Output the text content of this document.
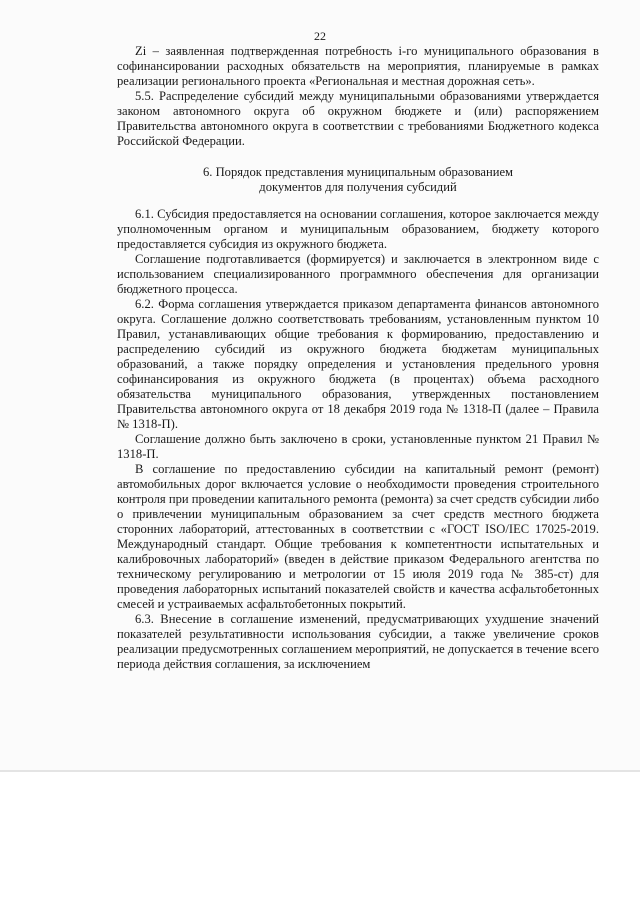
22

Zi – заявленная подтвержденная потребность i-го муниципального образования в софинансировании расходных обязательств на мероприятия, планируемые в рамках реализации регионального проекта «Региональная и местная дорожная сеть».

5.5. Распределение субсидий между муниципальными образованиями утверждается законом автономного округа об окружном бюджете и (или) распоряжением Правительства автономного округа в соответствии с требованиями Бюджетного кодекса Российской Федерации.

6. Порядок представления муниципальным образованием
документов для получения субсидий

6.1. Субсидия предоставляется на основании соглашения, которое заключается между уполномоченным органом и муниципальным образованием, бюджету которого предоставляется субсидия из окружного бюджета.

Соглашение подготавливается (формируется) и заключается в электронном виде с использованием специализированного программного обеспечения для организации бюджетного процесса.

6.2. Форма соглашения утверждается приказом департамента финансов автономного округа. Соглашение должно соответствовать требованиям, установленным пунктом 10 Правил, устанавливающих общие требования к формированию, предоставлению и распределению субсидий из окружного бюджета бюджетам муниципальных образований, а также порядку определения и установления предельного уровня софинансирования из окружного бюджета (в процентах) объема расходного обязательства муниципального образования, утвержденных постановлением Правительства автономного округа от 18 декабря 2019 года № 1318-П (далее – Правила № 1318-П).

Соглашение должно быть заключено в сроки, установленные пунктом 21 Правил № 1318-П.

В соглашение по предоставлению субсидии на капитальный ремонт (ремонт) автомобильных дорог включается условие о необходимости проведения строительного контроля при проведении капитального ремонта (ремонта) за счет средств субсидии либо о привлечении муниципальным образованием за счет средств местного бюджета сторонних лабораторий, аттестованных в соответствии с «ГОСТ ISO/IEC 17025-2019. Международный стандарт. Общие требования к компетентности испытательных и калибровочных лабораторий» (введен в действие приказом Федерального агентства по техническому регулированию и метрологии от 15 июля 2019 года № 385-ст) для проведения лабораторных испытаний показателей свойств и качества асфальтобетонных смесей и устраиваемых асфальтобетонных покрытий.

6.3. Внесение в соглашение изменений, предусматривающих ухудшение значений показателей результативности использования субсидии, а также увеличение сроков реализации предусмотренных соглашением мероприятий, не допускается в течение всего периода действия соглашения, за исключением
